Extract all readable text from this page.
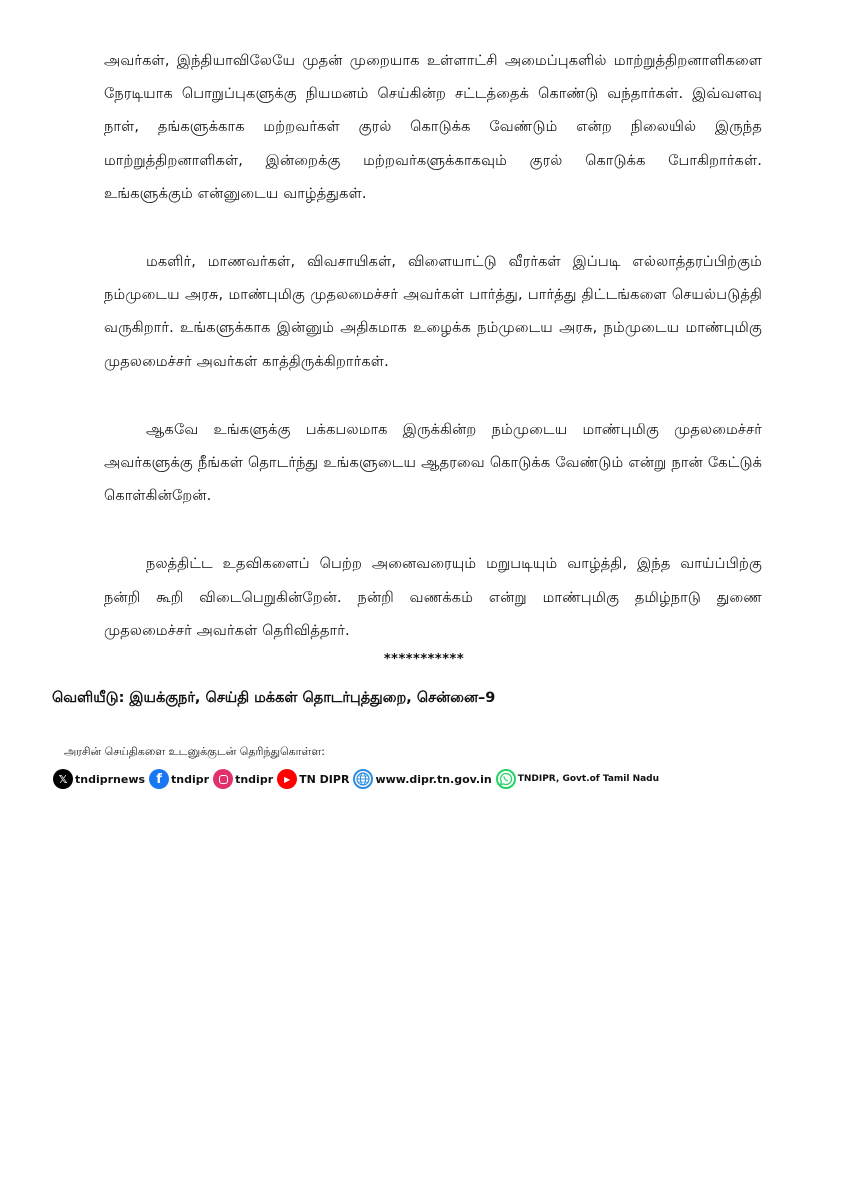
அவர்கள், இந்தியாவிலேயே முதன் முறையாக உள்ளாட்சி அமைப்புகளில் மாற்றுத்திறனாளிகளை நேரடியாக பொறுப்புகளுக்கு நியமனம் செய்கின்ற சட்டத்தைக் கொண்டு வந்தார்கள். இவ்வளவு நாள், தங்களுக்காக மற்றவர்கள் குரல் கொடுக்க வேண்டும் என்ற நிலையில் இருந்த மாற்றுத்திறனாளிகள், இன்றைக்கு மற்றவர்களுக்காகவும் குரல் கொடுக்க போகிறார்கள். உங்களுக்கும் என்னுடைய வாழ்த்துகள்.

மகளிர், மாணவர்கள், விவசாயிகள், விளையாட்டு வீரர்கள் இப்படி எல்லாத்தரப்பிற்கும் நம்முடைய அரசு, மாண்புமிகு முதலமைச்சர் அவர்கள் பார்த்து, பார்த்து திட்டங்களை செயல்படுத்தி வருகிறார். உங்களுக்காக இன்னும் அதிகமாக உழைக்க நம்முடைய அரசு, நம்முடைய மாண்புமிகு முதலமைச்சர் அவர்கள் காத்திருக்கிறார்கள்.

ஆகவே உங்களுக்கு பக்கபலமாக இருக்கின்ற நம்முடைய மாண்புமிகு முதலமைச்சர் அவர்களுக்கு நீங்கள் தொடர்ந்து உங்களுடைய ஆதரவை கொடுக்க வேண்டும் என்று நான் கேட்டுக் கொள்கின்றேன்.

நலத்திட்ட உதவிகளைப் பெற்ற அனைவரையும் மறுபடியும் வாழ்த்தி, இந்த வாய்ப்பிற்கு நன்றி கூறி விடைபெறுகின்றேன். நன்றி வணக்கம் என்று மாண்புமிகு தமிழ்நாடு துணை முதலமைச்சர் அவர்கள் தெரிவித்தார்.

***********
வெளியீடு: இயக்குநர், செய்தி மக்கள் தொடர்புத்துறை, சென்னை–9
அரசின் செய்திகளை உடனுக்குடன் தெரிந்துகொள்ள:
𝕏 tndiprnews f tndipr tndipr	▶ TN DIPR www.dipr.tn.gov.in	TNDIPR, Govt.of Tamil Nadu
